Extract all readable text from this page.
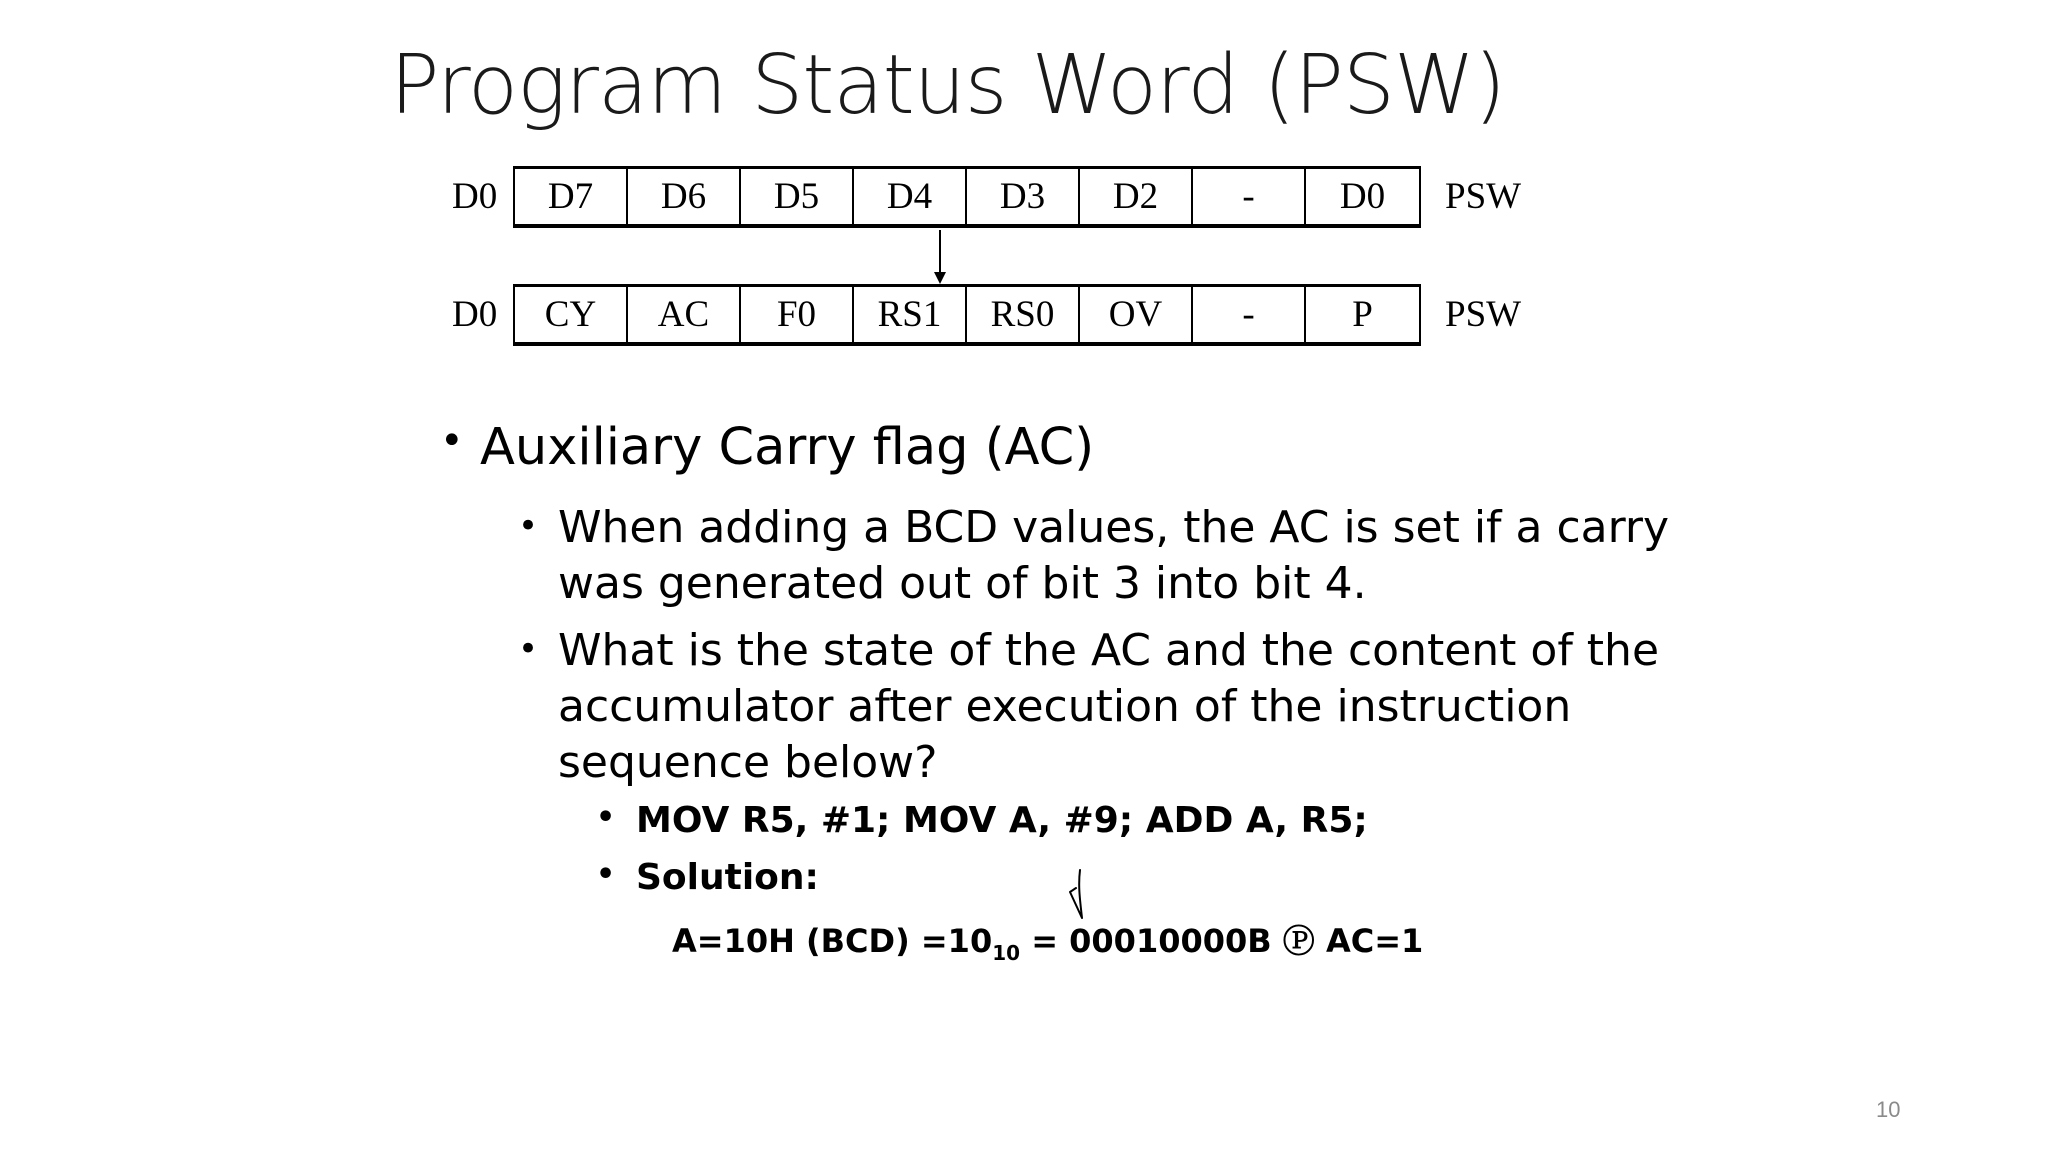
Program Status Word (PSW)
D0	D7	D6	D5	D4	D3	D2	-	D0	PSW
D0	CY	AC	F0	RS1	RS0	OV	-	P	PSW
• Auxiliary Carry flag (AC)
• When adding a BCD values, the AC is set if a carry
was generated out of bit 3 into bit 4.
• What is the state of the AC and the content of the
accumulator after execution of the instruction
sequence below?
• MOV R5, #1; MOV A, #9; ADD A, R5;
• Solution:
A=10H $(BCD) =10_{10} = 00010000B$ Ⓟ AC=1
10
